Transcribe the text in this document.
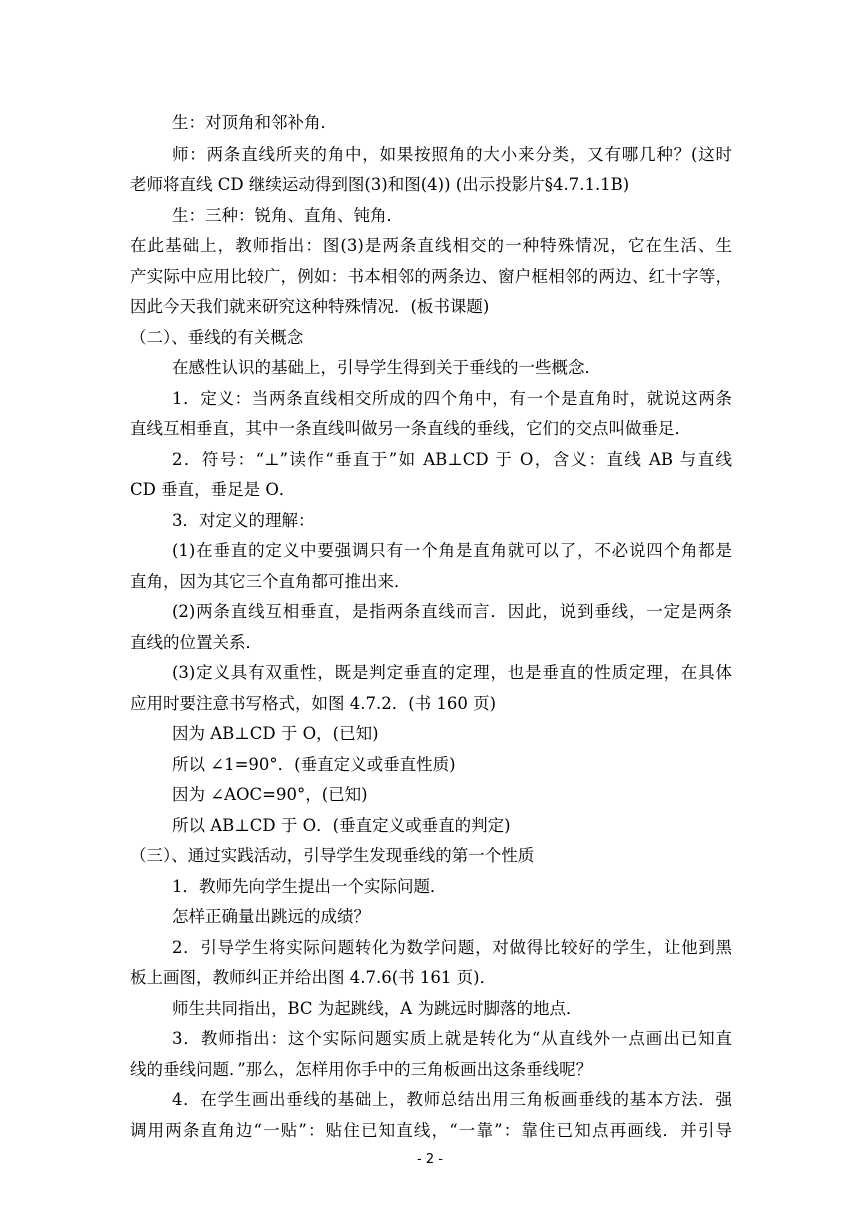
生：对顶角和邻补角．
师：两条直线所夹的角中，如果按照角的大小来分类，又有哪几种？(这时
老师将直线 CD 继续运动得到图(3)和图(4)) (出示投影片§4.7.1.1B)
生：三种：锐角、直角、钝角．
在此基础上，教师指出：图(3)是两条直线相交的一种特殊情况，它在生活、生
产实际中应用比较广，例如：书本相邻的两条边、窗户框相邻的两边、红十字等，
因此今天我们就来研究这种特殊情况．(板书课题)
（二）、垂线的有关概念
在感性认识的基础上，引导学生得到关于垂线的一些概念．
1．定义：当两条直线相交所成的四个角中，有一个是直角时，就说这两条
直线互相垂直，其中一条直线叫做另一条直线的垂线，它们的交点叫做垂足．
2．符号：“⊥”读作“垂直于”如 AB⊥CD 于 O，含义：直线 AB 与直线
CD 垂直，垂足是 O．
3．对定义的理解：
(1)在垂直的定义中要强调只有一个角是直角就可以了，不必说四个角都是
直角，因为其它三个直角都可推出来．
(2)两条直线互相垂直，是指两条直线而言．因此，说到垂线，一定是两条
直线的位置关系．
(3)定义具有双重性，既是判定垂直的定理，也是垂直的性质定理，在具体
应用时要注意书写格式，如图 4.7.2．(书 160 页)
因为 AB⊥CD 于 O，(已知)
所以 ∠1=90°．(垂直定义或垂直性质)
因为 ∠AOC=90°，(已知)
所以 AB⊥CD 于 O．(垂直定义或垂直的判定)
（三）、通过实践活动，引导学生发现垂线的第一个性质
1．教师先向学生提出一个实际问题．
怎样正确量出跳远的成绩？
2．引导学生将实际问题转化为数学问题，对做得比较好的学生，让他到黑
板上画图，教师纠正并给出图 4.7.6(书 161 页)．
师生共同指出，BC 为起跳线，A 为跳远时脚落的地点．
3．教师指出：这个实际问题实质上就是转化为“从直线外一点画出已知直
线的垂线问题．”那么，怎样用你手中的三角板画出这条垂线呢？
4．在学生画出垂线的基础上，教师总结出用三角板画垂线的基本方法．强
调用两条直角边“一贴”：贴住已知直线，“一靠”：靠住已知点再画线．并引导
- 2 -
